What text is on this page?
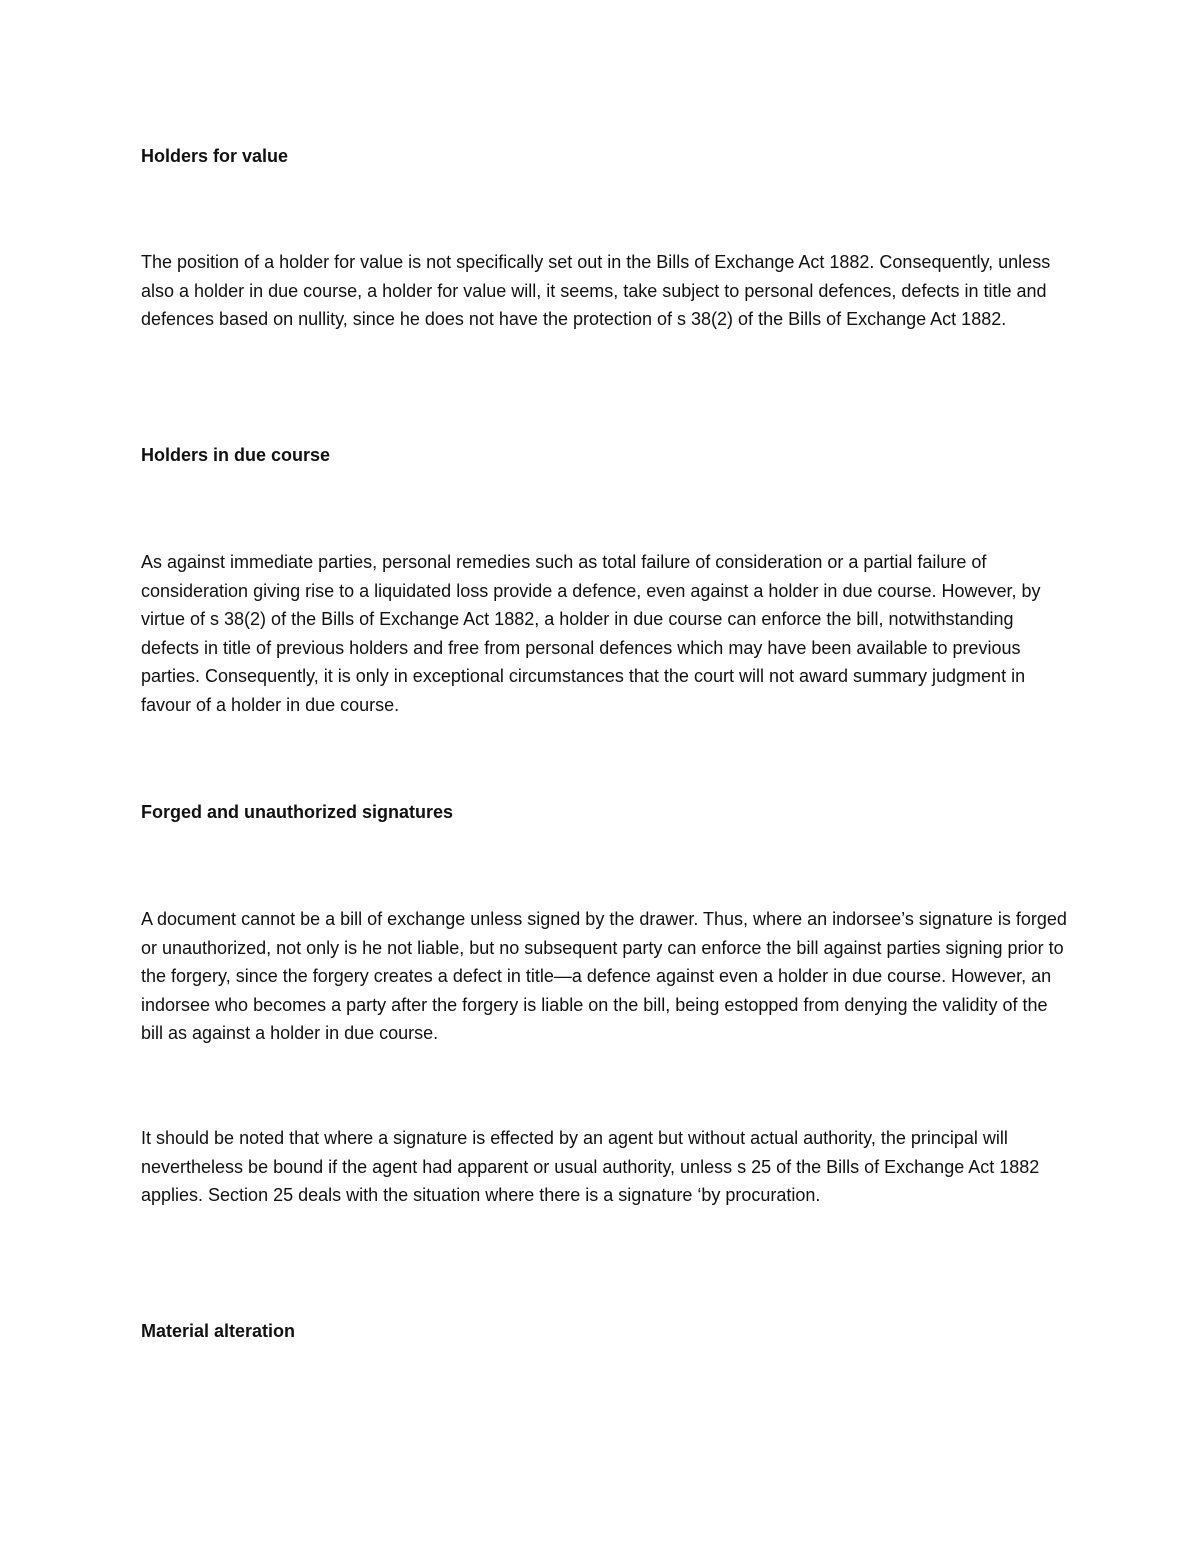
Holders for value

The position of a holder for value is not specifically set out in the Bills of Exchange Act 1882. Consequently, unless also a holder in due course, a holder for value will, it seems, take subject to personal defences, defects in title and defences based on nullity, since he does not have the protection of s 38(2) of the Bills of Exchange Act 1882.

Holders in due course

As against immediate parties, personal remedies such as total failure of consideration or a partial failure of consideration giving rise to a liquidated loss provide a defence, even against a holder in due course. However, by virtue of s 38(2) of the Bills of Exchange Act 1882, a holder in due course can enforce the bill, notwithstanding defects in title of previous holders and free from personal defences which may have been available to previous parties. Consequently, it is only in exceptional circumstances that the court will not award summary judgment in favour of a holder in due course.

Forged and unauthorized signatures

A document cannot be a bill of exchange unless signed by the drawer. Thus, where an indorsee’s signature is forged or unauthorized, not only is he not liable, but no subsequent party can enforce the bill against parties signing prior to the forgery, since the forgery creates a defect in title—a defence against even a holder in due course. However, an indorsee who becomes a party after the forgery is liable on the bill, being estopped from denying the validity of the bill as against a holder in due course.

It should be noted that where a signature is effected by an agent but without actual authority, the principal will nevertheless be bound if the agent had apparent or usual authority, unless s 25 of the Bills of Exchange Act 1882 applies. Section 25 deals with the situation where there is a signature ‘by procuration.

Material alteration
